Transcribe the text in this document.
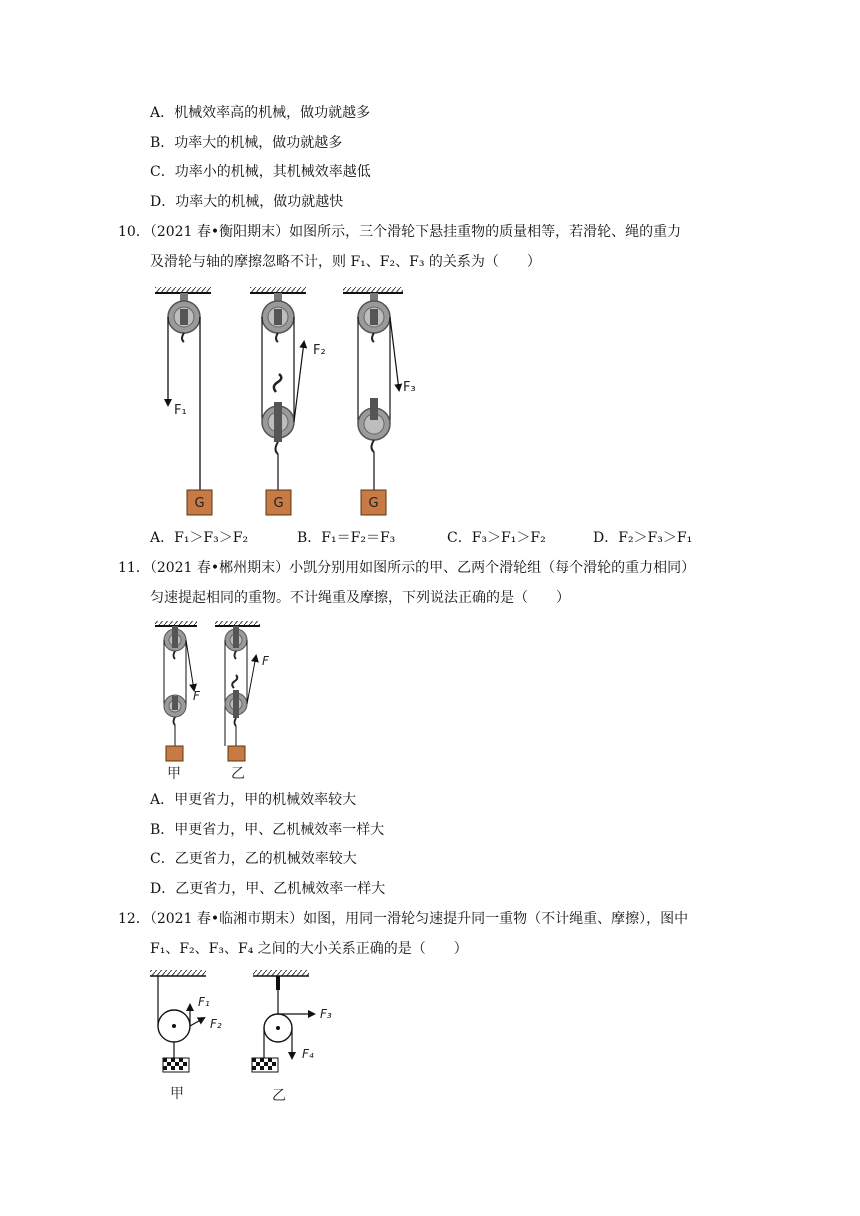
A．机械效率高的机械，做功就越多
B．功率大的机械，做功就越多
C．功率小的机械，其机械效率越低
D．功率大的机械，做功就越快
10．（2021 春•衡阳期末）如图所示，三个滑轮下悬挂重物的质量相等，若滑轮、绳的重力
及滑轮与轴的摩擦忽略不计，则 F₁、F₂、F₃ 的关系为（　　）
G
F₁
G
F₂
G
F₃
A．F₁＞F₃＞F₂	B．F₁＝F₂＝F₃	C．F₃＞F₁＞F₂	D．F₂＞F₃＞F₁
11．（2021 春•郴州期末）小凯分别用如图所示的甲、乙两个滑轮组（每个滑轮的重力相同）
匀速提起相同的重物。不计绳重及摩擦，下列说法正确的是（　　）
F
甲
F
乙
A．甲更省力，甲的机械效率较大
B．甲更省力，甲、乙机械效率一样大
C．乙更省力，乙的机械效率较大
D．乙更省力，甲、乙机械效率一样大
12．（2021 春•临湘市期末）如图，用同一滑轮匀速提升同一重物（不计绳重、摩擦），图中
F₁、F₂、F₃、F₄ 之间的大小关系正确的是（　　）
F₁
F₂
甲
F₃
F₄
乙
